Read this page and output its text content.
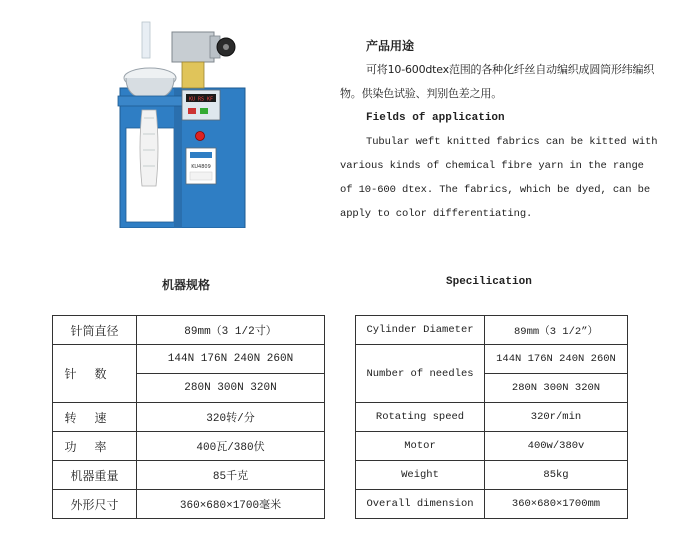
KU RS KF
KU4809

产品用途

可将10-600dtex范围的各种化纤丝自动编织成圆筒形纬编织物。供染色试验、判别色差之用。

Fields of application

Tubular weft knitted fabrics can be kitted with various kinds of chemical fibre yarn in the range of 10-600 dtex. The fabrics, which be dyed, can be apply to color differentiating.

机器规格	Specilication
针筒直径	89mm（3 1/2寸）
针数	144N 176N 240N 260N
	280N 300N 320N
转速	320转/分
功率	400瓦/380伏
机器重量	85千克
外形尺寸	360×680×1700毫米
Cylinder Diameter	89mm（3 1/2”）
Number of needles	144N 176N 240N 260N
	280N 300N 320N
Rotating speed	320r/min
Motor	400w/380v
Weight	85kg
Overall dimension	360×680×1700mm
